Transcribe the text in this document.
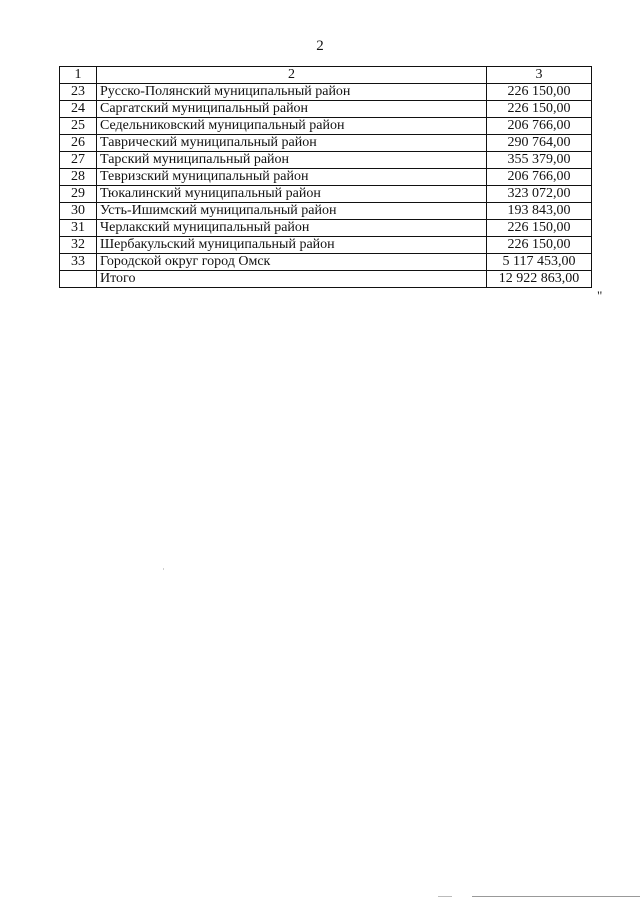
2
1	2	3
23	Русско-Полянский муниципальный район	226 150,00
24	Саргатский муниципальный район	226 150,00
25	Седельниковский муниципальный район	206 766,00
26	Таврический муниципальный район	290 764,00
27	Тарский муниципальный район	355 379,00
28	Тевризский муниципальный район	206 766,00
29	Тюкалинский муниципальный район	323 072,00
30	Усть-Ишимский муниципальный район	193 843,00
31	Черлакский муниципальный район	226 150,00
32	Шербакульский муниципальный район	226 150,00
33	Городской округ город Омск	5 117 453,00
	Итого	12 922 863,00
"
